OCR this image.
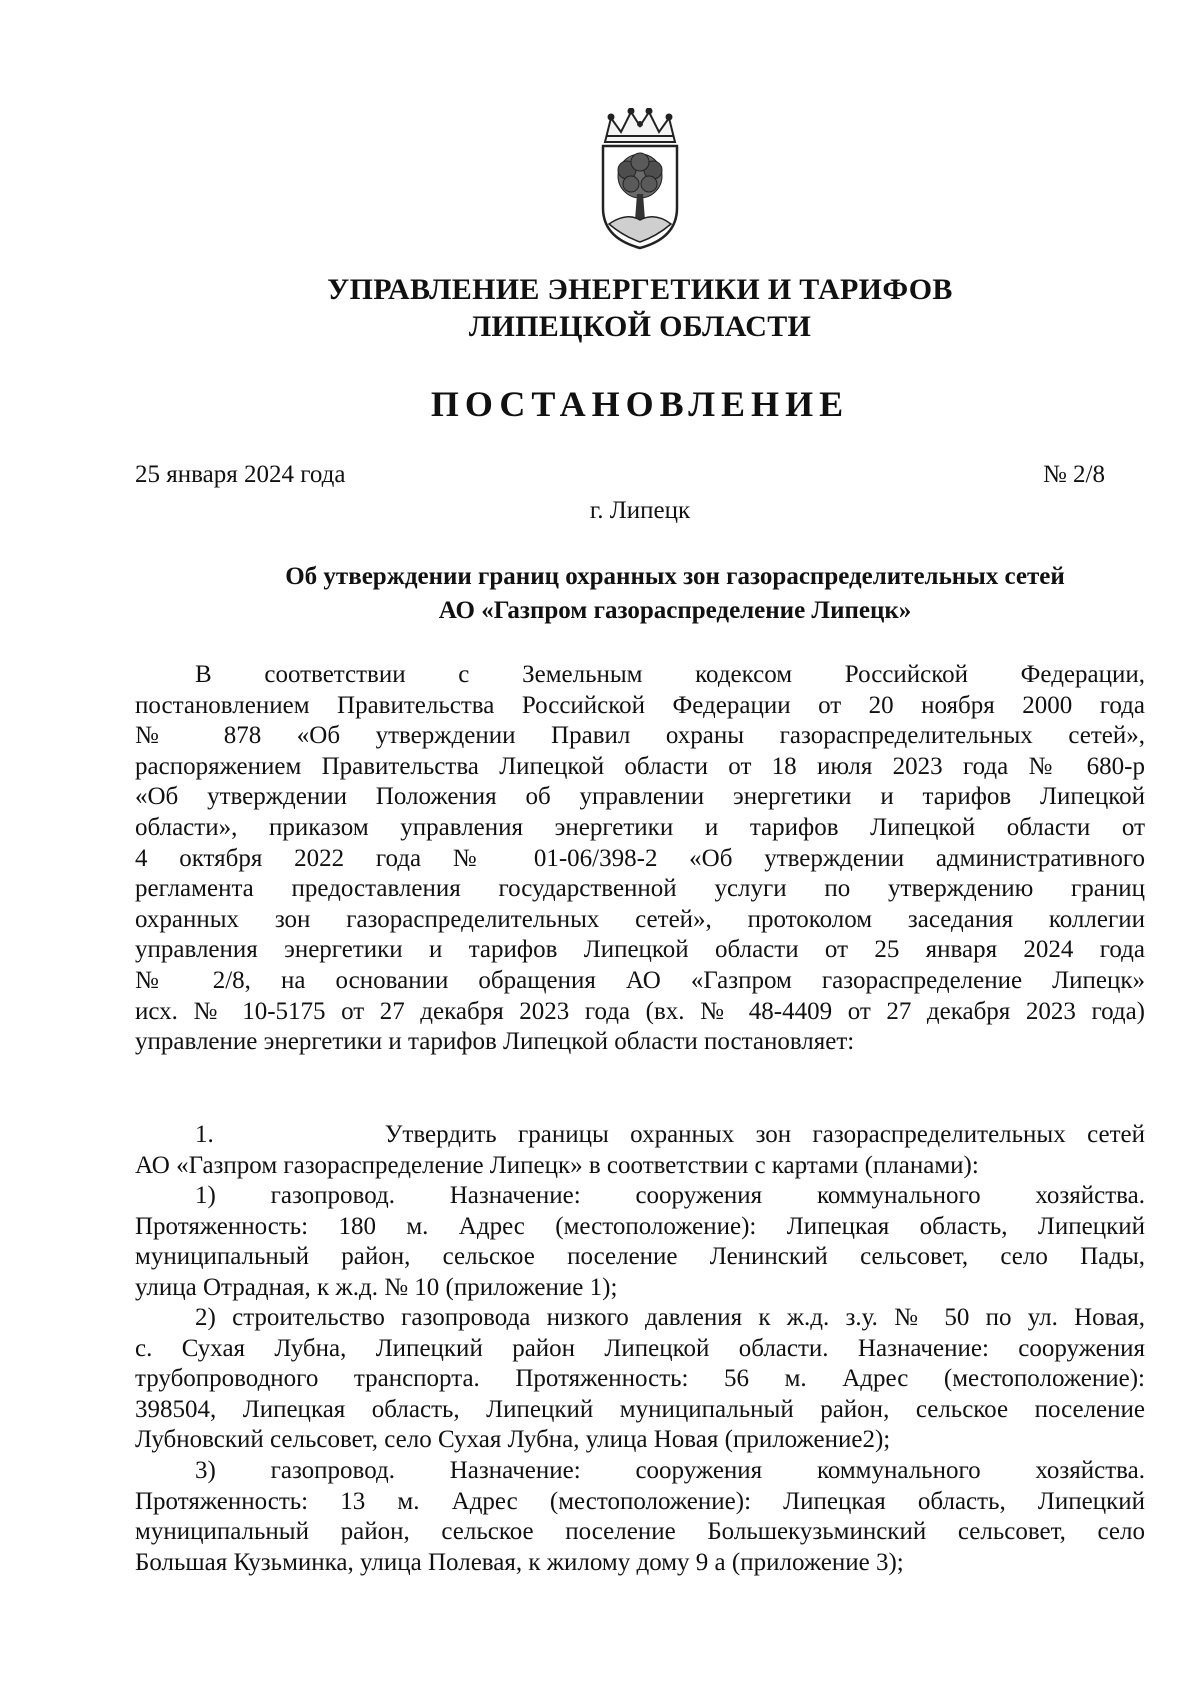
УПРАВЛЕНИЕ ЭНЕРГЕТИКИ И ТАРИФОВ
ЛИПЕЦКОЙ ОБЛАСТИ
ПОСТАНОВЛЕНИЕ
25 января 2024 года	№ 2/8
г. Липецк
Об утверждении границ охранных зон газораспределительных сетей
АО «Газпром газораспределение Липецк»
В соответствии с Земельным кодексом Российской Федерации,
постановлением Правительства Российской Федерации от 20 ноября 2000 года
№ 878 «Об утверждении Правил охраны газораспределительных сетей»,
распоряжением Правительства Липецкой области от 18 июля 2023 года № 680-р
«Об утверждении Положения об управлении энергетики и тарифов Липецкой
области», приказом управления энергетики и тарифов Липецкой области от
4 октября 2022 года № 01-06/398-2 «Об утверждении административного
регламента предоставления государственной услуги по утверждению границ
охранных зон газораспределительных сетей», протоколом заседания коллегии
управления энергетики и тарифов Липецкой области от 25 января 2024 года
№ 2/8, на основании обращения АО «Газпром газораспределение Липецк»
исх. № 10-5175 от 27 декабря 2023 года (вх. № 48-4409 от 27 декабря 2023 года)
управление энергетики и тарифов Липецкой области постановляет:
1.        Утвердить границы охранных зон газораспределительных сетей
АО «Газпром газораспределение Липецк» в соответствии с картами (планами):
1) газопровод. Назначение: сооружения коммунального хозяйства.
Протяженность: 180 м. Адрес (местоположение): Липецкая область, Липецкий
муниципальный район, сельское поселение Ленинский сельсовет, село Пады,
улица Отрадная, к ж.д. № 10 (приложение 1);
2) строительство газопровода низкого давления к ж.д. з.у. № 50 по ул. Новая,
с. Сухая Лубна, Липецкий район Липецкой области. Назначение: сооружения
трубопроводного транспорта. Протяженность: 56 м. Адрес (местоположение):
398504, Липецкая область, Липецкий муниципальный район, сельское поселение
Лубновский сельсовет, село Сухая Лубна, улица Новая (приложение2);
3) газопровод. Назначение: сооружения коммунального хозяйства.
Протяженность: 13 м. Адрес (местоположение): Липецкая область, Липецкий
муниципальный район, сельское поселение Большекузьминский сельсовет, село
Большая Кузьминка, улица Полевая, к жилому дому 9 а (приложение 3);
